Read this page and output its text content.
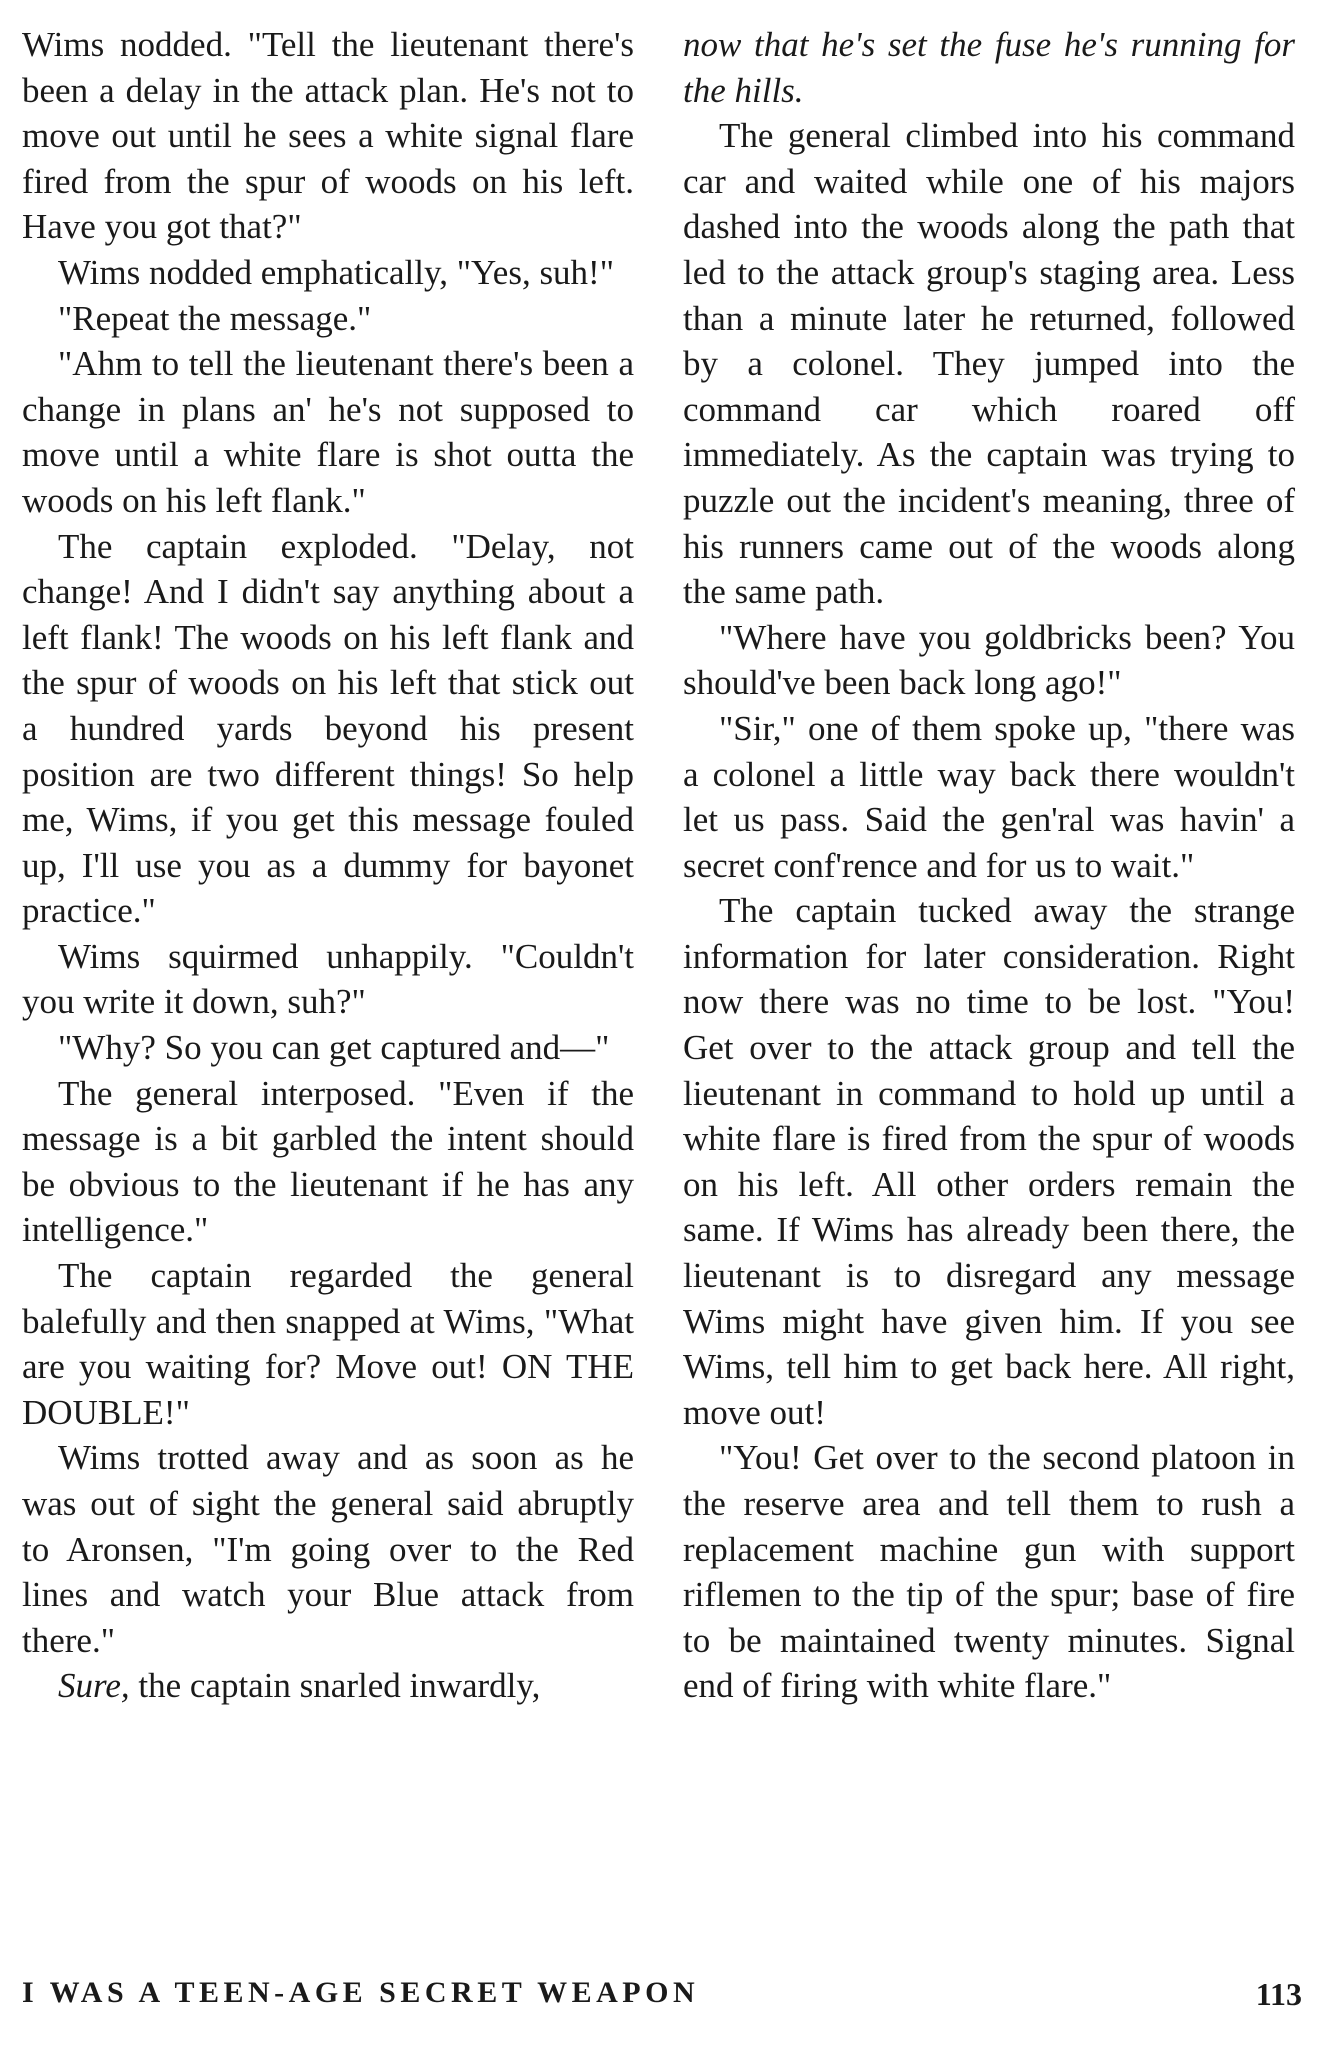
Wims nodded. "Tell the lieutenant there's been a delay in the attack plan. He's not to move out until he sees a white signal flare fired from the spur of woods on his left. Have you got that?"

Wims nodded emphatically, "Yes, suh!"

"Repeat the message."

"Ahm to tell the lieutenant there's been a change in plans an' he's not supposed to move until a white flare is shot outta the woods on his left flank."

The captain exploded. "Delay, not change! And I didn't say anything about a left flank! The woods on his left flank and the spur of woods on his left that stick out a hundred yards beyond his present position are two different things! So help me, Wims, if you get this message fouled up, I'll use you as a dummy for bayonet practice."

Wims squirmed unhappily. "Couldn't you write it down, suh?"

"Why? So you can get captured and—"

The general interposed. "Even if the message is a bit garbled the intent should be obvious to the lieutenant if he has any intelligence."

The captain regarded the general balefully and then snapped at Wims, "What are you waiting for? Move out! ON THE DOUBLE!"

Wims trotted away and as soon as he was out of sight the general said abruptly to Aronsen, "I'm going over to the Red lines and watch your Blue attack from there."

Sure, the captain snarled inwardly,

now that he's set the fuse he's running for the hills.

The general climbed into his command car and waited while one of his majors dashed into the woods along the path that led to the attack group's staging area. Less than a minute later he returned, followed by a colonel. They jumped into the command car which roared off immediately. As the captain was trying to puzzle out the incident's meaning, three of his runners came out of the woods along the same path.

"Where have you goldbricks been? You should've been back long ago!"

"Sir," one of them spoke up, "there was a colonel a little way back there wouldn't let us pass. Said the gen'ral was havin' a secret conf'rence and for us to wait."

The captain tucked away the strange information for later consideration. Right now there was no time to be lost. "You! Get over to the attack group and tell the lieutenant in command to hold up until a white flare is fired from the spur of woods on his left. All other orders remain the same. If Wims has already been there, the lieutenant is to disregard any message Wims might have given him. If you see Wims, tell him to get back here. All right, move out!

"You! Get over to the second platoon in the reserve area and tell them to rush a replacement machine gun with support riflemen to the tip of the spur; base of fire to be maintained twenty minutes. Signal end of firing with white flare."

I WAS A TEEN-AGE SECRET WEAPON	113
